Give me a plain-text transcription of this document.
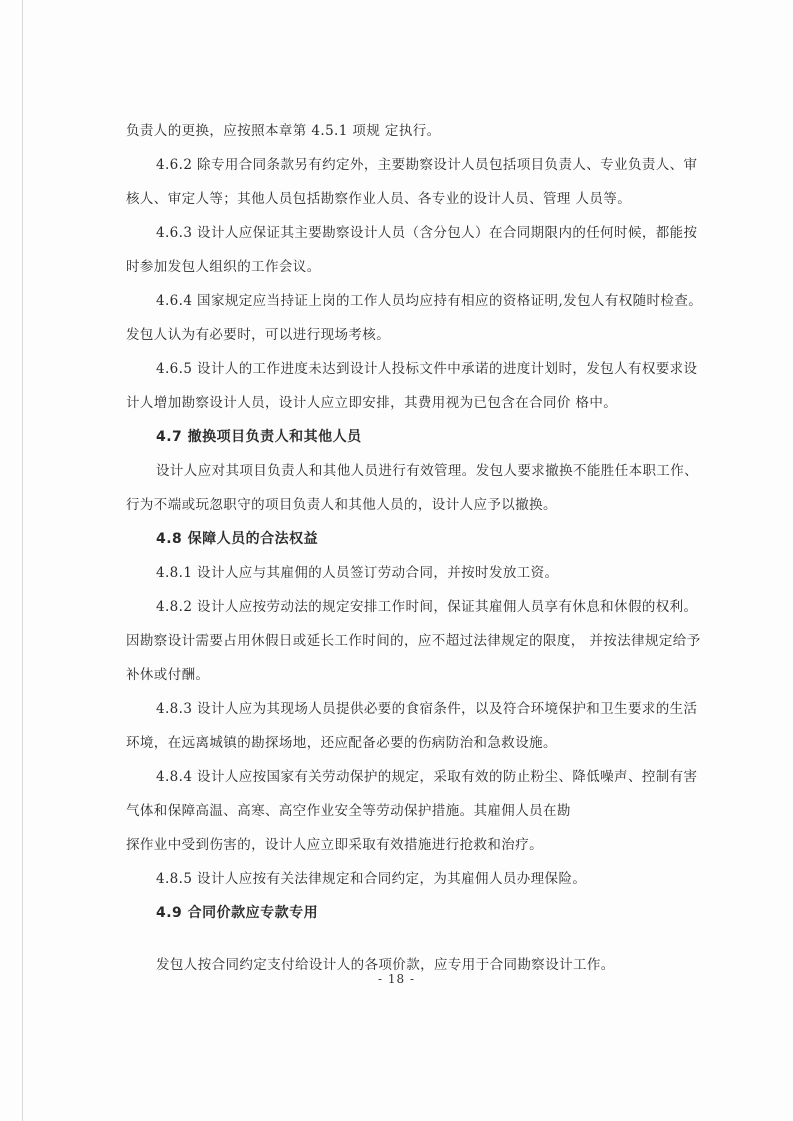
负责人的更换，应按照本章第 4.5.1 项规 定执行。

4.6.2 除专用合同条款另有约定外，主要勘察设计人员包括项目负责人、专业负责人、审

核人、审定人等；其他人员包括勘察作业人员、各专业的设计人员、管理 人员等。

4.6.3 设计人应保证其主要勘察设计人员（含分包人）在合同期限内的任何时候，都能按

时参加发包人组织的工作会议。

4.6.4 国家规定应当持证上岗的工作人员均应持有相应的资格证明,发包人有权随时检查。

发包人认为有必要时，可以进行现场考核。

4.6.5 设计人的工作进度未达到设计人投标文件中承诺的进度计划时，发包人有权要求设

计人增加勘察设计人员，设计人应立即安排，其费用视为已包含在合同价 格中。

4.7 撤换项目负责人和其他人员

设计人应对其项目负责人和其他人员进行有效管理。发包人要求撤换不能胜任本职工作、

行为不端或玩忽职守的项目负责人和其他人员的，设计人应予以撤换。

4.8 保障人员的合法权益

4.8.1 设计人应与其雇佣的人员签订劳动合同，并按时发放工资。

4.8.2 设计人应按劳动法的规定安排工作时间，保证其雇佣人员享有休息和休假的权利。

因勘察设计需要占用休假日或延长工作时间的，应不超过法律规定的限度， 并按法律规定给予

补休或付酬。

4.8.3 设计人应为其现场人员提供必要的食宿条件，以及符合环境保护和卫生要求的生活

环境，在远离城镇的勘探场地，还应配备必要的伤病防治和急救设施。

4.8.4 设计人应按国家有关劳动保护的规定，采取有效的防止粉尘、降低噪声、控制有害

气体和保障高温、高寒、高空作业安全等劳动保护措施。其雇佣人员在勘

探作业中受到伤害的，设计人应立即采取有效措施进行抢救和治疗。

4.8.5 设计人应按有关法律规定和合同约定，为其雇佣人员办理保险。

4.9 合同价款应专款专用

发包人按合同约定支付给设计人的各项价款，应专用于合同勘察设计工作。

- 18 -
